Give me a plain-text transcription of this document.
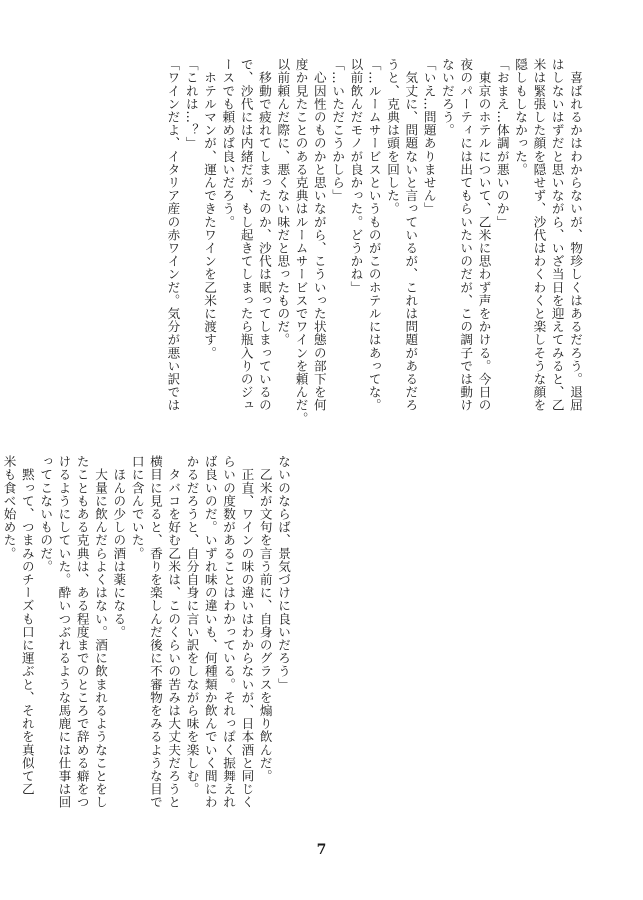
　喜ばれるかはわからないが、物珍しくはあるだろう。退屈
はしないはずだと思いながら、いざ当日を迎えてみると、乙
米は緊張した顔を隠せず、沙代はわくわくと楽しそうな顔を
隠しもしなかった。
「おまえ…体調が悪いのか」
　東京のホテルについて、乙米に思わず声をかける。今日の
夜のパーティには出てもらいたいのだが、この調子では動け
ないだろう。
「いえ…問題ありません」
　気丈に、問題ないと言っているが、これは問題があるだろ
うと、克典は頭を回した。
「…ルームサービスというものがこのホテルにはあってな。
以前飲んだモノが良かった。どうかね」
「…いただこうかしら」
　心因性のものかと思いながら、こういった状態の部下を何
度か見たことのある克典はルームサービスでワインを頼んだ。
以前頼んだ際に、悪くない味だと思ったものだ。
　移動で疲れてしまったのか、沙代は眠ってしまっているの
で、沙代には内緒だが、もし起きてしまったら瓶入りのジュ
ースでも頼めば良いだろう。
　ホテルマンが、運んできたワインを乙米に渡す。
「これは…？」
「ワインだよ、イタリア産の赤ワインだ。気分が悪い訳では
ないのならば、景気づけに良いだろう」
　乙米が文句を言う前に、自身のグラスを煽り飲んだ。
　正直、ワインの味の違いはわからないが、日本酒と同じく
らいの度数があることはわかっている。それっぽく振舞えれ
ば良いのだ。いずれ味の違いも、何種類か飲んでいく間にわ
かるだろうと、自分自身に言い訳をしながら味を楽しむ。
　タバコを好む乙米は、このくらいの苦みは大丈夫だろうと
横目に見ると、香りを楽しんだ後に不審物をみるような目で
口に含んでいた。
　ほんの少しの酒は薬になる。
　大量に飲んだらよくはない。酒に飲まれるようなことをし
たこともある克典は、ある程度までのところで辞める癖をつ
けるようにしていた。酔いつぶれるような馬鹿には仕事は回
ってこないものだ。
　黙って、つまみのチーズも口に運ぶと、それを真似て乙
米も食べ始めた。
7
